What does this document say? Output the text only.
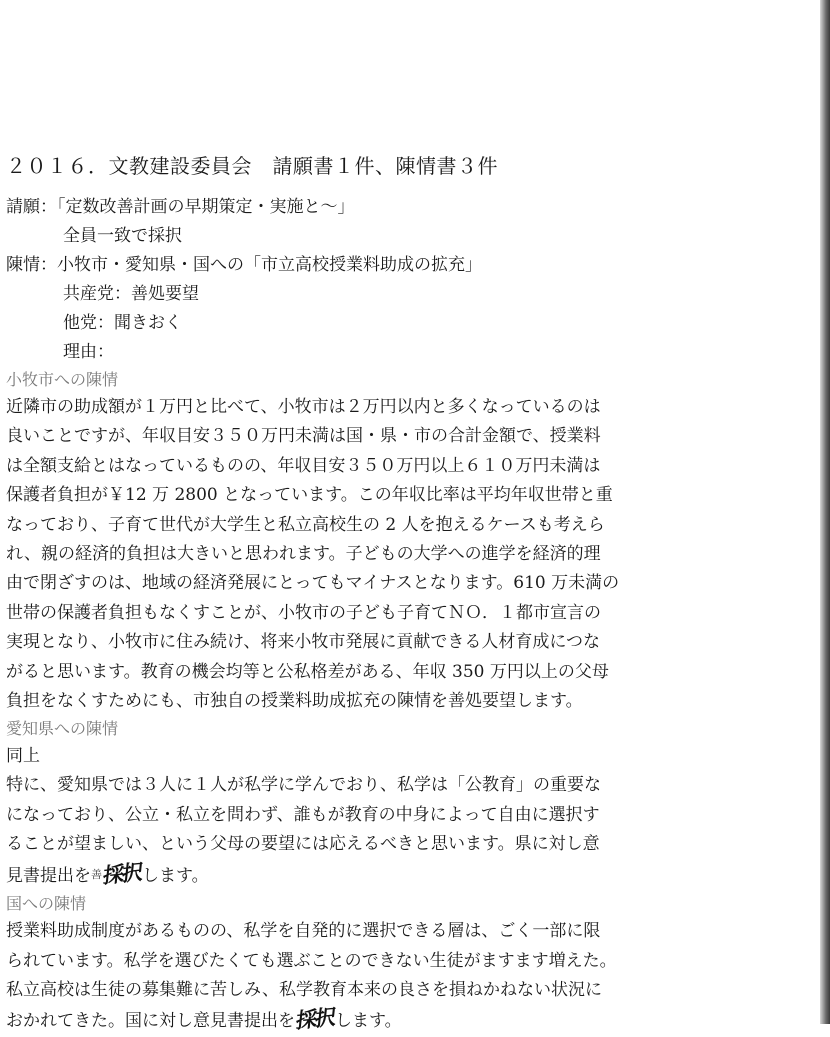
２０１６．文教建設委員会　請願書１件、陳情書３件
請願：「定数改善計画の早期策定・実施と～」
全員一致で採択
陳情：小牧市・愛知県・国への「市立高校授業料助成の拡充」
共産党：善処要望
他党：聞きおく
理由：
小牧市への陳情

近隣市の助成額が１万円と比べて、小牧市は２万円以内と多くなっているのは

良いことですが、年収目安３５０万円未満は国・県・市の合計金額で、授業料

は全額支給とはなっているものの、年収目安３５０万円以上６１０万円未満は

保護者負担が￥12 万 2800 となっています。この年収比率は平均年収世帯と重

なっており、子育て世代が大学生と私立高校生の 2 人を抱えるケースも考えら

れ、親の経済的負担は大きいと思われます。子どもの大学への進学を経済的理

由で閉ざすのは、地域の経済発展にとってもマイナスとなります。610 万未満の

世帯の保護者負担もなくすことが、小牧市の子ども子育てＮＯ．１都市宣言の

実現となり、小牧市に住み続け、将来小牧市発展に貢献できる人材育成につな

がると思います。教育の機会均等と公私格差がある、年収 350 万円以上の父母

負担をなくすためにも、市独自の授業料助成拡充の陳情を善処要望します。

愛知県への陳情
同上

特に、愛知県では３人に１人が私学に学んでおり、私学は「公教育」の重要な

になっており、公立・私立を問わず、誰もが教育の中身によって自由に選択す

ることが望ましい、という父母の要望には応えるべきと思います。県に対し意

見書提出を善採択します。

国への陳情

授業料助成制度があるものの、私学を自発的に選択できる層は、ごく一部に限

られています。私学を選びたくても選ぶことのできない生徒がますます増えた。

私立高校は生徒の募集難に苦しみ、私学教育本来の良さを損ねかねない状況に

おかれてきた。国に対し意見書提出を採択します。
